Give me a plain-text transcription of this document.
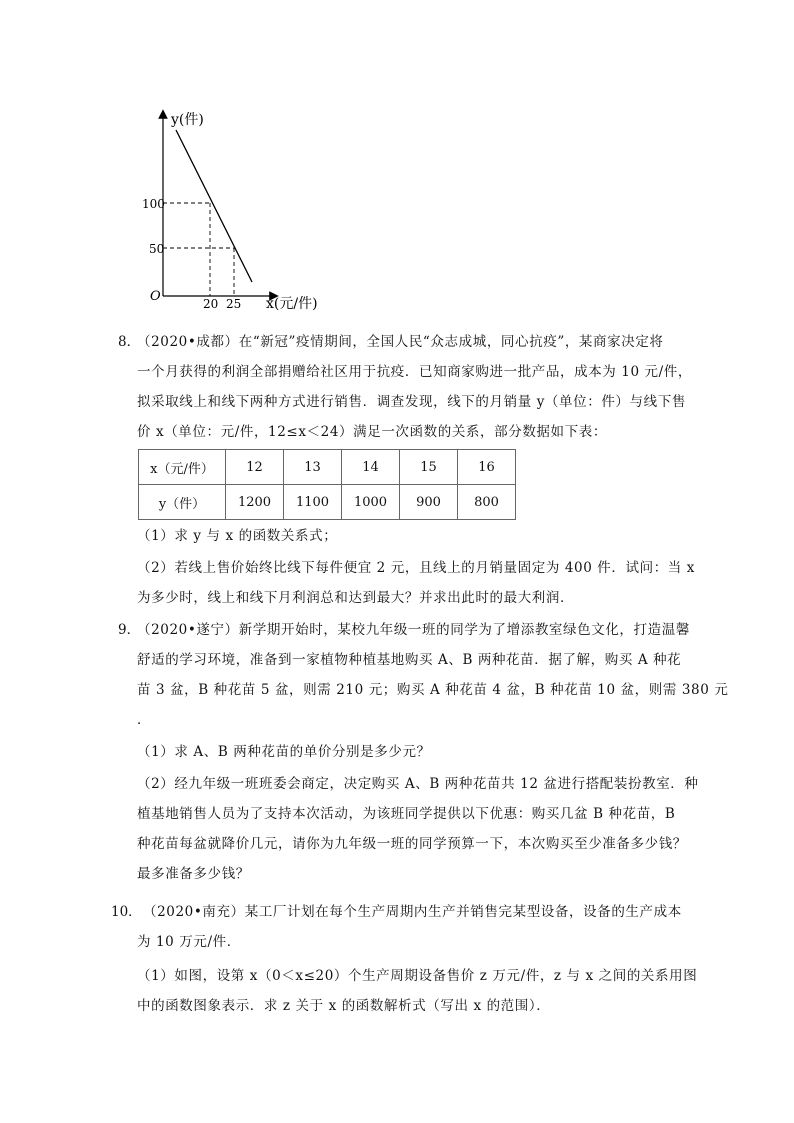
y(件)
100
50
O	20 25 x(元/件)
8．
（2020•成都）在“新冠”疫情期间，全国人民“众志成城，同心抗疫”，某商家决定将
一个月获得的利润全部捐赠给社区用于抗疫．已知商家购进一批产品，成本为 10 元/件，
拟采取线上和线下两种方式进行销售．调查发现，线下的月销量 y（单位：件）与线下售
价 x（单位：元/件，12≤x＜24）满足一次函数的关系，部分数据如下表：
x（元/件）	12	13	14	15	16
y（件）	1200	1100	1000	900	800
（1）求 y 与 x 的函数关系式；
（2）若线上售价始终比线下每件便宜 2 元，且线上的月销量固定为 400 件．试问：当 x
为多少时，线上和线下月利润总和达到最大？并求出此时的最大利润．
9．
（2020•遂宁）新学期开始时，某校九年级一班的同学为了增添教室绿色文化，打造温馨
舒适的学习环境，准备到一家植物种植基地购买 A、B 两种花苗．据了解，购买 A 种花
苗 3 盆，B 种花苗 5 盆，则需 210 元；购买 A 种花苗 4 盆，B 种花苗 10 盆，则需 380 元
．
（1）求 A、B 两种花苗的单价分别是多少元？
（2）经九年级一班班委会商定，决定购买 A、B 两种花苗共 12 盆进行搭配装扮教室．种
植基地销售人员为了支持本次活动，为该班同学提供以下优惠：购买几盆 B 种花苗，B
种花苗每盆就降价几元，请你为九年级一班的同学预算一下，本次购买至少准备多少钱？
最多准备多少钱？
10． （2020•南充）某工厂计划在每个生产周期内生产并销售完某型设备，设备的生产成本
为 10 万元/件．
（1）如图，设第 x（0＜x≤20）个生产周期设备售价 z 万元/件，z 与 x 之间的关系用图
中的函数图象表示．求 z 关于 x 的函数解析式（写出 x 的范围）．
